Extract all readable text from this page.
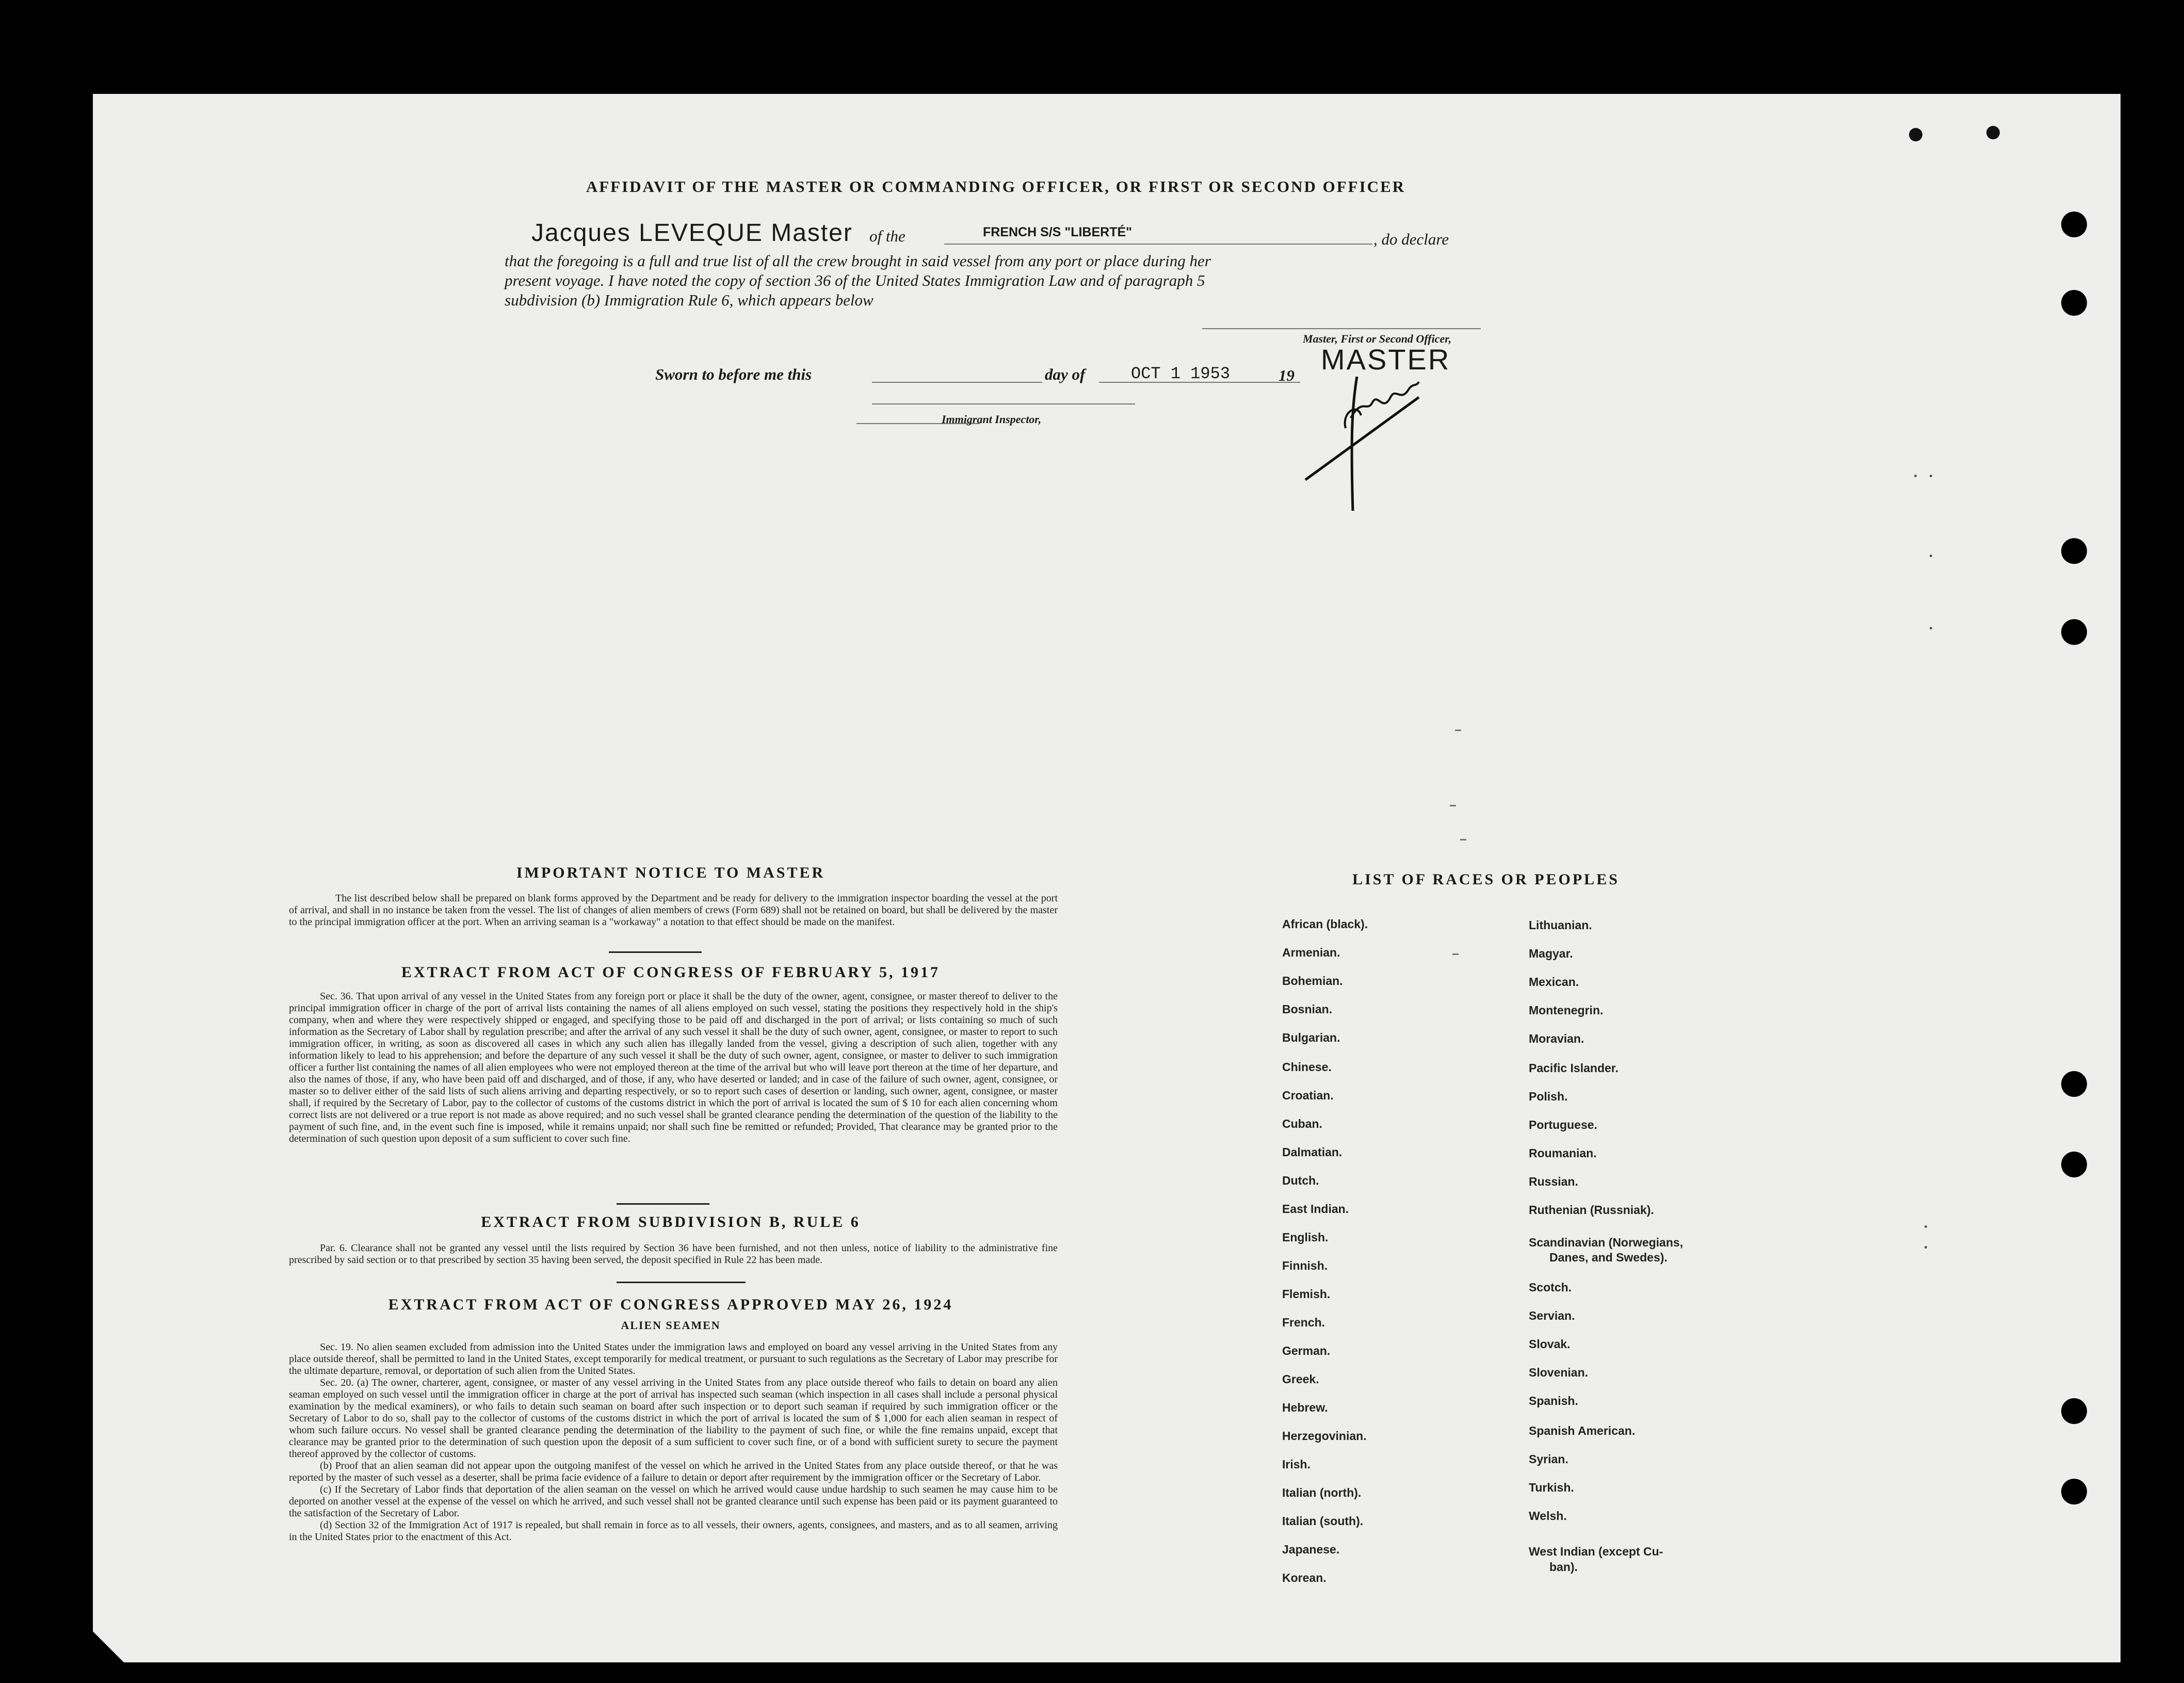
AFFIDAVIT OF THE MASTER OR COMMANDING OFFICER, OR FIRST OR SECOND OFFICER
Jacques LEVEQUE Master of the	FRENCH S/S "LIBERTÉ"	, do declare
that the foregoing is a full and true list of all the crew brought in said vessel from any port or place during her
present voyage. I have noted the copy of section 36 of the United States Immigration Law and of paragraph 5
subdivision (b) Immigration Rule 6, which appears below
Master, First or Second Officer,
MASTER
Sworn to before me this	day of	OCT 1 1953	19
Immigrant Inspector,
IMPORTANT NOTICE TO MASTER
The list described below shall be prepared on blank forms approved by the Department and be ready for delivery to the immigration inspector boarding the vessel at the port of arrival, and shall in no instance be taken from the vessel. The list of changes of alien members of crews (Form 689) shall not be retained on board, but shall be delivered by the master to the principal immigration officer at the port. When an arriving seaman is a "workaway" a notation to that effect should be made on the manifest.
EXTRACT FROM ACT OF CONGRESS OF FEBRUARY 5, 1917
Sec. 36. That upon arrival of any vessel in the United States from any foreign port or place it shall be the duty of the owner, agent, consignee, or master thereof to deliver to the principal immigration officer in charge of the port of arrival lists containing the names of all aliens employed on such vessel, stating the positions they respectively hold in the ship's company, when and where they were respectively shipped or engaged, and specifying those to be paid off and discharged in the port of arrival; or lists containing so much of such information as the Secretary of Labor shall by regulation prescribe; and after the arrival of any such vessel it shall be the duty of such owner, agent, consignee, or master to report to such immigration officer, in writing, as soon as discovered all cases in which any such alien has illegally landed from the vessel, giving a description of such alien, together with any information likely to lead to his apprehension; and before the departure of any such vessel it shall be the duty of such owner, agent, consignee, or master to deliver to such immigration officer a further list containing the names of all alien employees who were not employed thereon at the time of the arrival but who will leave port thereon at the time of her departure, and also the names of those, if any, who have been paid off and discharged, and of those, if any, who have deserted or landed; and in case of the failure of such owner, agent, consignee, or master so to deliver either of the said lists of such aliens arriving and departing respectively, or so to report such cases of desertion or landing, such owner, agent, consignee, or master shall, if required by the Secretary of Labor, pay to the collector of customs of the customs district in which the port of arrival is located the sum of $ 10 for each alien concerning whom correct lists are not delivered or a true report is not made as above required; and no such vessel shall be granted clearance pending the determination of the question of the liability to the payment of such fine, and, in the event such fine is imposed, while it remains unpaid; nor shall such fine be remitted or refunded; Provided, That clearance may be granted prior to the determination of such question upon deposit of a sum sufficient to cover such fine.
EXTRACT FROM SUBDIVISION B, RULE 6
Par. 6. Clearance shall not be granted any vessel until the lists required by Section 36 have been furnished, and not then unless, notice of liability to the administrative fine prescribed by said section or to that prescribed by section 35 having been served, the deposit specified in Rule 22 has been made.
EXTRACT FROM ACT OF CONGRESS APPROVED MAY 26, 1924
ALIEN SEAMEN

Sec. 19. No alien seamen excluded from admission into the United States under the immigration laws and employed on board any vessel arriving in the United States from any place outside thereof, shall be permitted to land in the United States, except temporarily for medical treatment, or pursuant to such regulations as the Secretary of Labor may prescribe for the ultimate departure, removal, or deportation of such alien from the United States.

Sec. 20. (a) The owner, charterer, agent, consignee, or master of any vessel arriving in the United States from any place outside thereof who fails to detain on board any alien seaman employed on such vessel until the immigration officer in charge at the port of arrival has inspected such seaman (which inspection in all cases shall include a personal physical examination by the medical examiners), or who fails to detain such seaman on board after such inspection or to deport such seaman if required by such immigration officer or the Secretary of Labor to do so, shall pay to the collector of customs of the customs district in which the port of arrival is located the sum of $ 1,000 for each alien seaman in respect of whom such failure occurs. No vessel shall be granted clearance pending the determination of the liability to the payment of such fine, or while the fine remains unpaid, except that clearance may be granted prior to the determination of such question upon the deposit of a sum sufficient to cover such fine, or of a bond with sufficient surety to secure the payment thereof approved by the collector of customs.

(b) Proof that an alien seaman did not appear upon the outgoing manifest of the vessel on which he arrived in the United States from any place outside thereof, or that he was reported by the master of such vessel as a deserter, shall be prima facie evidence of a failure to detain or deport after requirement by the immigration officer or the Secretary of Labor.

(c) If the Secretary of Labor finds that deportation of the alien seaman on the vessel on which he arrived would cause undue hardship to such seamen he may cause him to be deported on another vessel at the expense of the vessel on which he arrived, and such vessel shall not be granted clearance until such expense has been paid or its payment guaranteed to the satisfaction of the Secretary of Labor.

(d) Section 32 of the Immigration Act of 1917 is repealed, but shall remain in force as to all vessels, their owners, agents, consignees, and masters, and as to all seamen, arriving in the United States prior to the enactment of this Act.

LIST OF RACES OR PEOPLES
African (black).
Armenian.
Bohemian.
Bosnian.
Bulgarian.
Chinese.
Croatian.
Cuban.
Dalmatian.
Dutch.
East Indian.
English.
Finnish.
Flemish.
French.
German.
Greek.
Hebrew.
Herzegovinian.
Irish.
Italian (north).
Italian (south).
Japanese.
Korean.
Lithuanian.
Magyar.
Mexican.
Montenegrin.
Moravian.
Pacific Islander.
Polish.
Portuguese.
Roumanian.
Russian.
Ruthenian (Russniak).
Scandinavian (Norwegians,
Scotch.
Servian.
Slovak.
Slovenian.
Spanish.
Spanish American.
Syrian.
Turkish.
Welsh.
West Indian (except Cu-
Danes, and Swedes).
ban).
